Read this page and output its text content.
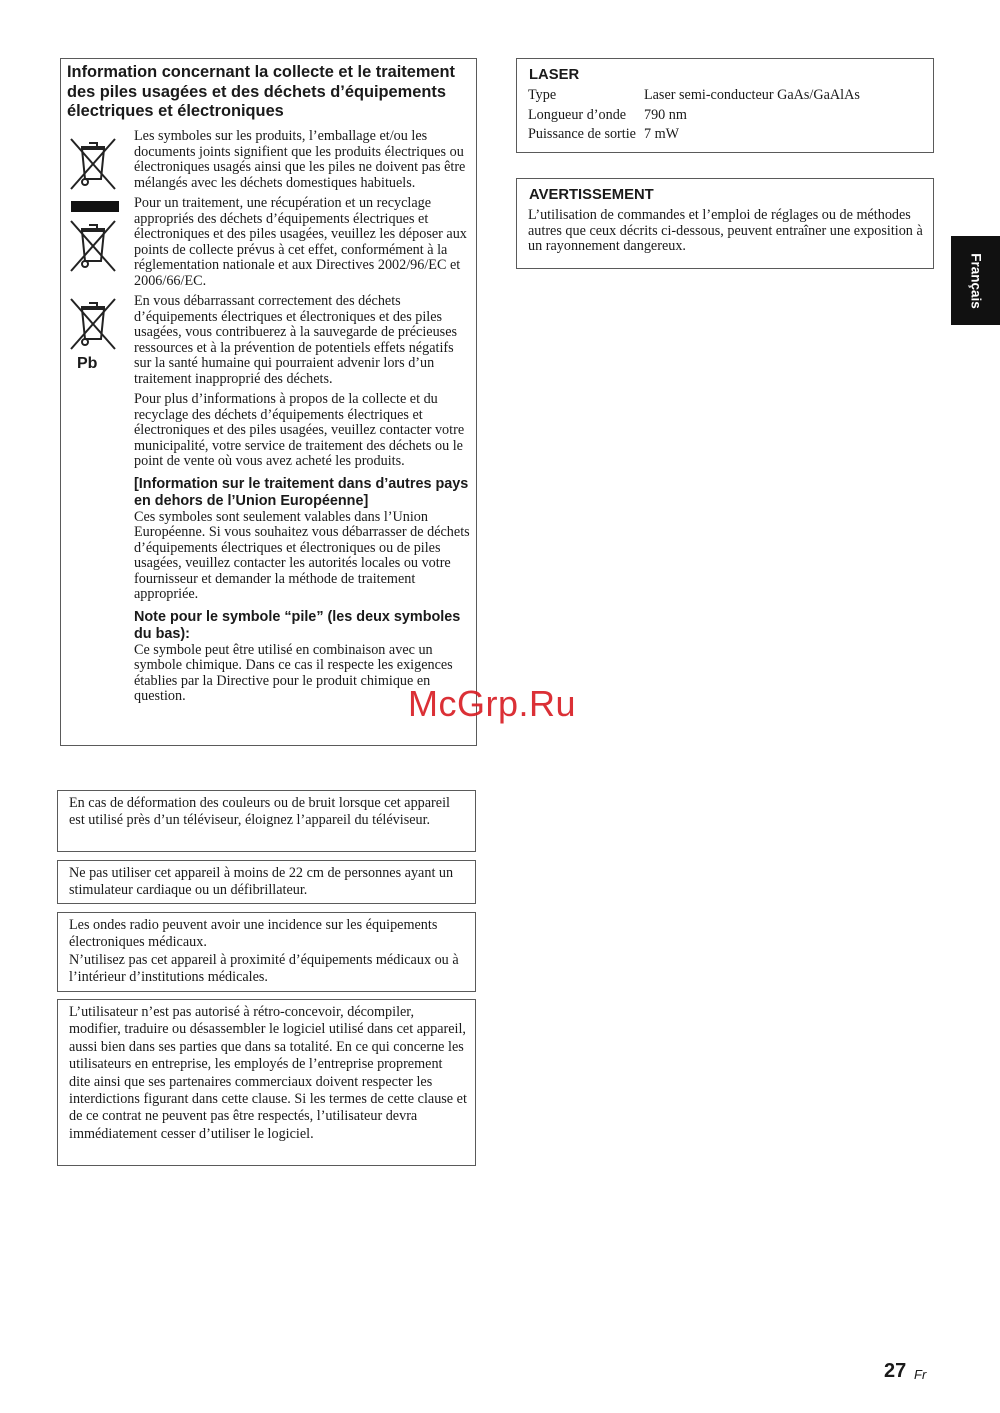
Information concernant la collecte et le traitement des piles usagées et des déchets d’équipements électriques et électroniques
Pb

Les symboles sur les produits, l’emballage et/ou les documents joints signifient que les produits électriques ou électroniques usagés ainsi que les piles ne doivent pas être mélangés avec les déchets domestiques habituels.

Pour un traitement, une récupération et un recyclage appropriés des déchets d’équipements électriques et électroniques et des piles usagées, veuillez les déposer aux points de collecte prévus à cet effet, conformément à la réglementation nationale et aux Directives 2002/96/EC et 2006/66/EC.

En vous débarrassant correctement des déchets d’équipements électriques et électroniques et des piles usagées, vous contribuerez à la sauvegarde de précieuses ressources et à la prévention de potentiels effets négatifs sur la santé humaine qui pourraient advenir lors d’un traitement inapproprié des déchets.

Pour plus d’informations à propos de la collecte et du recyclage des déchets d’équipements électriques et électroniques et des piles usagées, veuillez contacter votre municipalité, votre service de traitement des déchets ou le point de vente où vous avez acheté les produits.

[Information sur le traitement dans d’autres pays en dehors de l’Union Européenne]

Ces symboles sont seulement valables dans l’Union Européenne. Si vous souhaitez vous débarrasser de déchets d’équipements électriques et électroniques ou de piles usagées, veuillez contacter les autorités locales ou votre fournisseur et demander la méthode de traitement appropriée.

Note pour le symbole “pile” (les deux symboles du bas):

Ce symbole peut être utilisé en combinaison avec un symbole chimique. Dans ce cas il respecte les exigences établies par la Directive pour le produit chimique en question.

LASER
Type	Laser semi-conducteur GaAs/GaAlAs
Longueur d’onde	790 nm
Puissance de sortie	7 mW
AVERTISSEMENT
L’utilisation de commandes et l’emploi de réglages ou de méthodes autres que ceux décrits ci-dessous, peuvent entraîner une exposition à un rayonnement dangereux.
Français
En cas de déformation des couleurs ou de bruit lorsque cet appareil est utilisé près d’un téléviseur, éloignez l’appareil du téléviseur.
Ne pas utiliser cet appareil à moins de 22 cm de personnes ayant un stimulateur cardiaque ou un défibrillateur.
Les ondes radio peuvent avoir une incidence sur les équipements électroniques médicaux.
N’utilisez pas cet appareil à proximité d’équipements médicaux ou à l’intérieur d’institutions médicales.
L’utilisateur n’est pas autorisé à rétro-concevoir, décompiler, modifier, traduire ou désassembler le logiciel utilisé dans cet appareil, aussi bien dans ses parties que dans sa totalité. En ce qui concerne les utilisateurs en entreprise, les employés de l’entreprise proprement dite ainsi que ses partenaires commerciaux doivent respecter les interdictions figurant dans cette clause. Si les termes de cette clause et de ce contrat ne peuvent pas être respectés, l’utilisateur devra immédiatement cesser d’utiliser le logiciel.
McGrp.Ru
27 Fr
